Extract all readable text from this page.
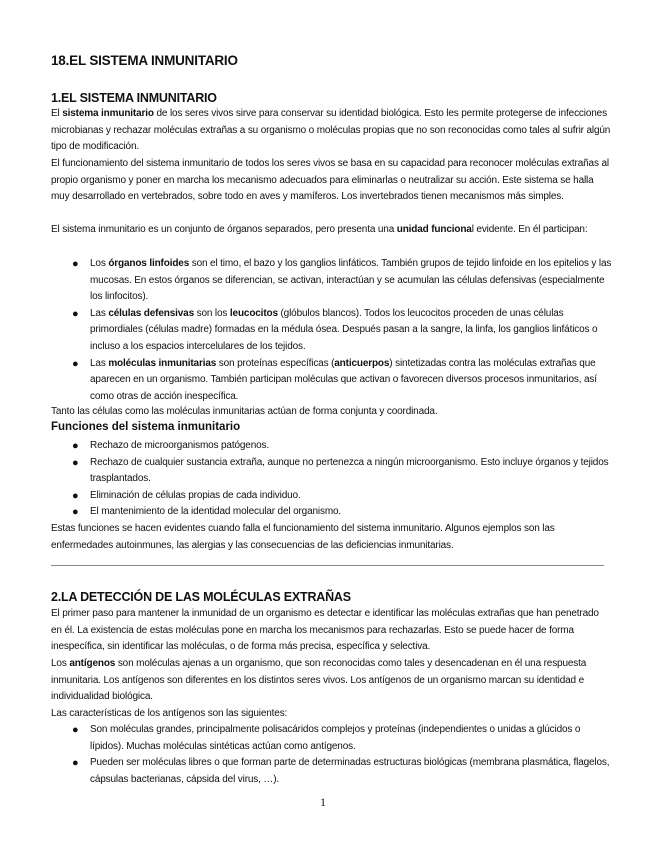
18.EL SISTEMA INMUNITARIO
1.EL SISTEMA INMUNITARIO
El sistema inmunitario de los seres vivos sirve para conservar su identidad biológica. Esto les permite protegerse de infecciones microbianas y rechazar moléculas extrañas a su organismo o moléculas propias que no son reconocidas como tales al sufrir algún tipo de modificación.
El funcionamiento del sistema inmunitario de todos los seres vivos se basa en su capacidad para reconocer moléculas extrañas al propio organismo y poner en marcha los mecanismo adecuados para eliminarlas o neutralizar su acción. Este sistema se halla muy desarrollado en vertebrados, sobre todo en aves y mamíferos. Los invertebrados tienen mecanismos más simples.
El sistema inmunitario es un conjunto de órganos separados, pero presenta una unidad funcional evidente. En él participan:
● Los órganos linfoides son el timo, el bazo y los ganglios linfáticos. También grupos de tejido linfoide en los epitelios y las mucosas. En estos órganos se diferencian, se activan, interactúan y se acumulan las células defensivas (especialmente los linfocitos).
● Las células defensivas son los leucocitos (glóbulos blancos). Todos los leucocitos proceden de unas células primordiales (células madre) formadas en la médula ósea. Después pasan a la sangre, la linfa, los ganglios linfáticos o incluso a los espacios intercelulares de los tejidos.
● Las moléculas inmunitarias son proteínas específicas (anticuerpos) sintetizadas contra las moléculas extrañas que aparecen en un organismo. También participan moléculas que activan o favorecen diversos procesos inmunitarios, así como otras de acción inespecífica.
Tanto las células como las moléculas inmunitarias actúan de forma conjunta y coordinada.
Funciones del sistema inmunitario
● Rechazo de microorganismos patógenos.
● Rechazo de cualquier sustancia extraña, aunque no pertenezca a ningún microorganismo. Esto incluye órganos y tejidos trasplantados.
● Eliminación de células propias de cada individuo.
● El mantenimiento de la identidad molecular del organismo.
Estas funciones se hacen evidentes cuando falla el funcionamiento del sistema inmunitario. Algunos ejemplos son las enfermedades autoinmunes, las alergias y las consecuencias de las deficiencias inmunitarias.
2.LA DETECCIÓN DE LAS MOLÉCULAS EXTRAÑAS
El primer paso para mantener la inmunidad de un organismo es detectar e identificar las moléculas extrañas que han penetrado en él. La existencia de estas moléculas pone en marcha los mecanismos para rechazarlas. Esto se puede hacer de forma inespecífica, sin identificar las moléculas, o de forma más precisa, específica y selectiva.
Los antígenos son moléculas ajenas a un organismo, que son reconocidas como tales y desencadenan en él una respuesta inmunitaria. Los antígenos son diferentes en los distintos seres vivos. Los antígenos de un organismo marcan su identidad e individualidad biológica.
Las características de los antígenos son las siguientes:
● Son moléculas grandes, principalmente polisacáridos complejos y proteínas (independientes o unidas a glúcidos o lípidos). Muchas moléculas sintéticas actúan como antígenos.
● Pueden ser moléculas libres o que forman parte de determinadas estructuras biológicas (membrana plasmática, flagelos, cápsulas bacterianas, cápsida del virus, …).
1
